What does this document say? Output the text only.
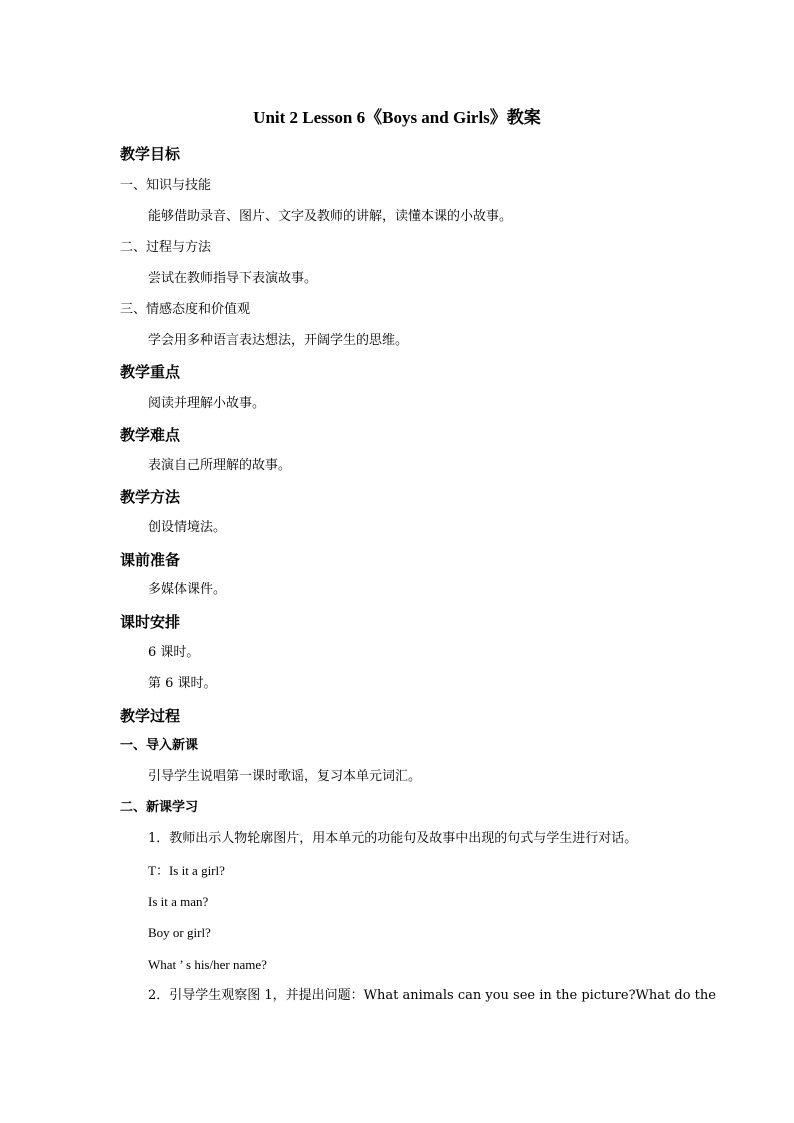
Unit 2 Lesson 6《Boys and Girls》教案
教学目标
一、知识与技能
能够借助录音、图片、文字及教师的讲解，读懂本课的小故事。
二、过程与方法
尝试在教师指导下表演故事。
三、情感态度和价值观
学会用多种语言表达想法，开阔学生的思维。
教学重点
阅读并理解小故事。
教学难点
表演自己所理解的故事。
教学方法
创设情境法。
课前准备
多媒体课件。
课时安排
6 课时。
第 6 课时。
教学过程
一、导入新课
引导学生说唱第一课时歌谣，复习本单元词汇。
二、新课学习
1．教师出示人物轮廓图片，用本单元的功能句及故事中出现的句式与学生进行对话。
T：Is it a girl?
Is it a man?
Boy or girl?
What ’ s his/her name?
2．引导学生观察图 1，并提出问题：What animals can you see in the picture?What do the
